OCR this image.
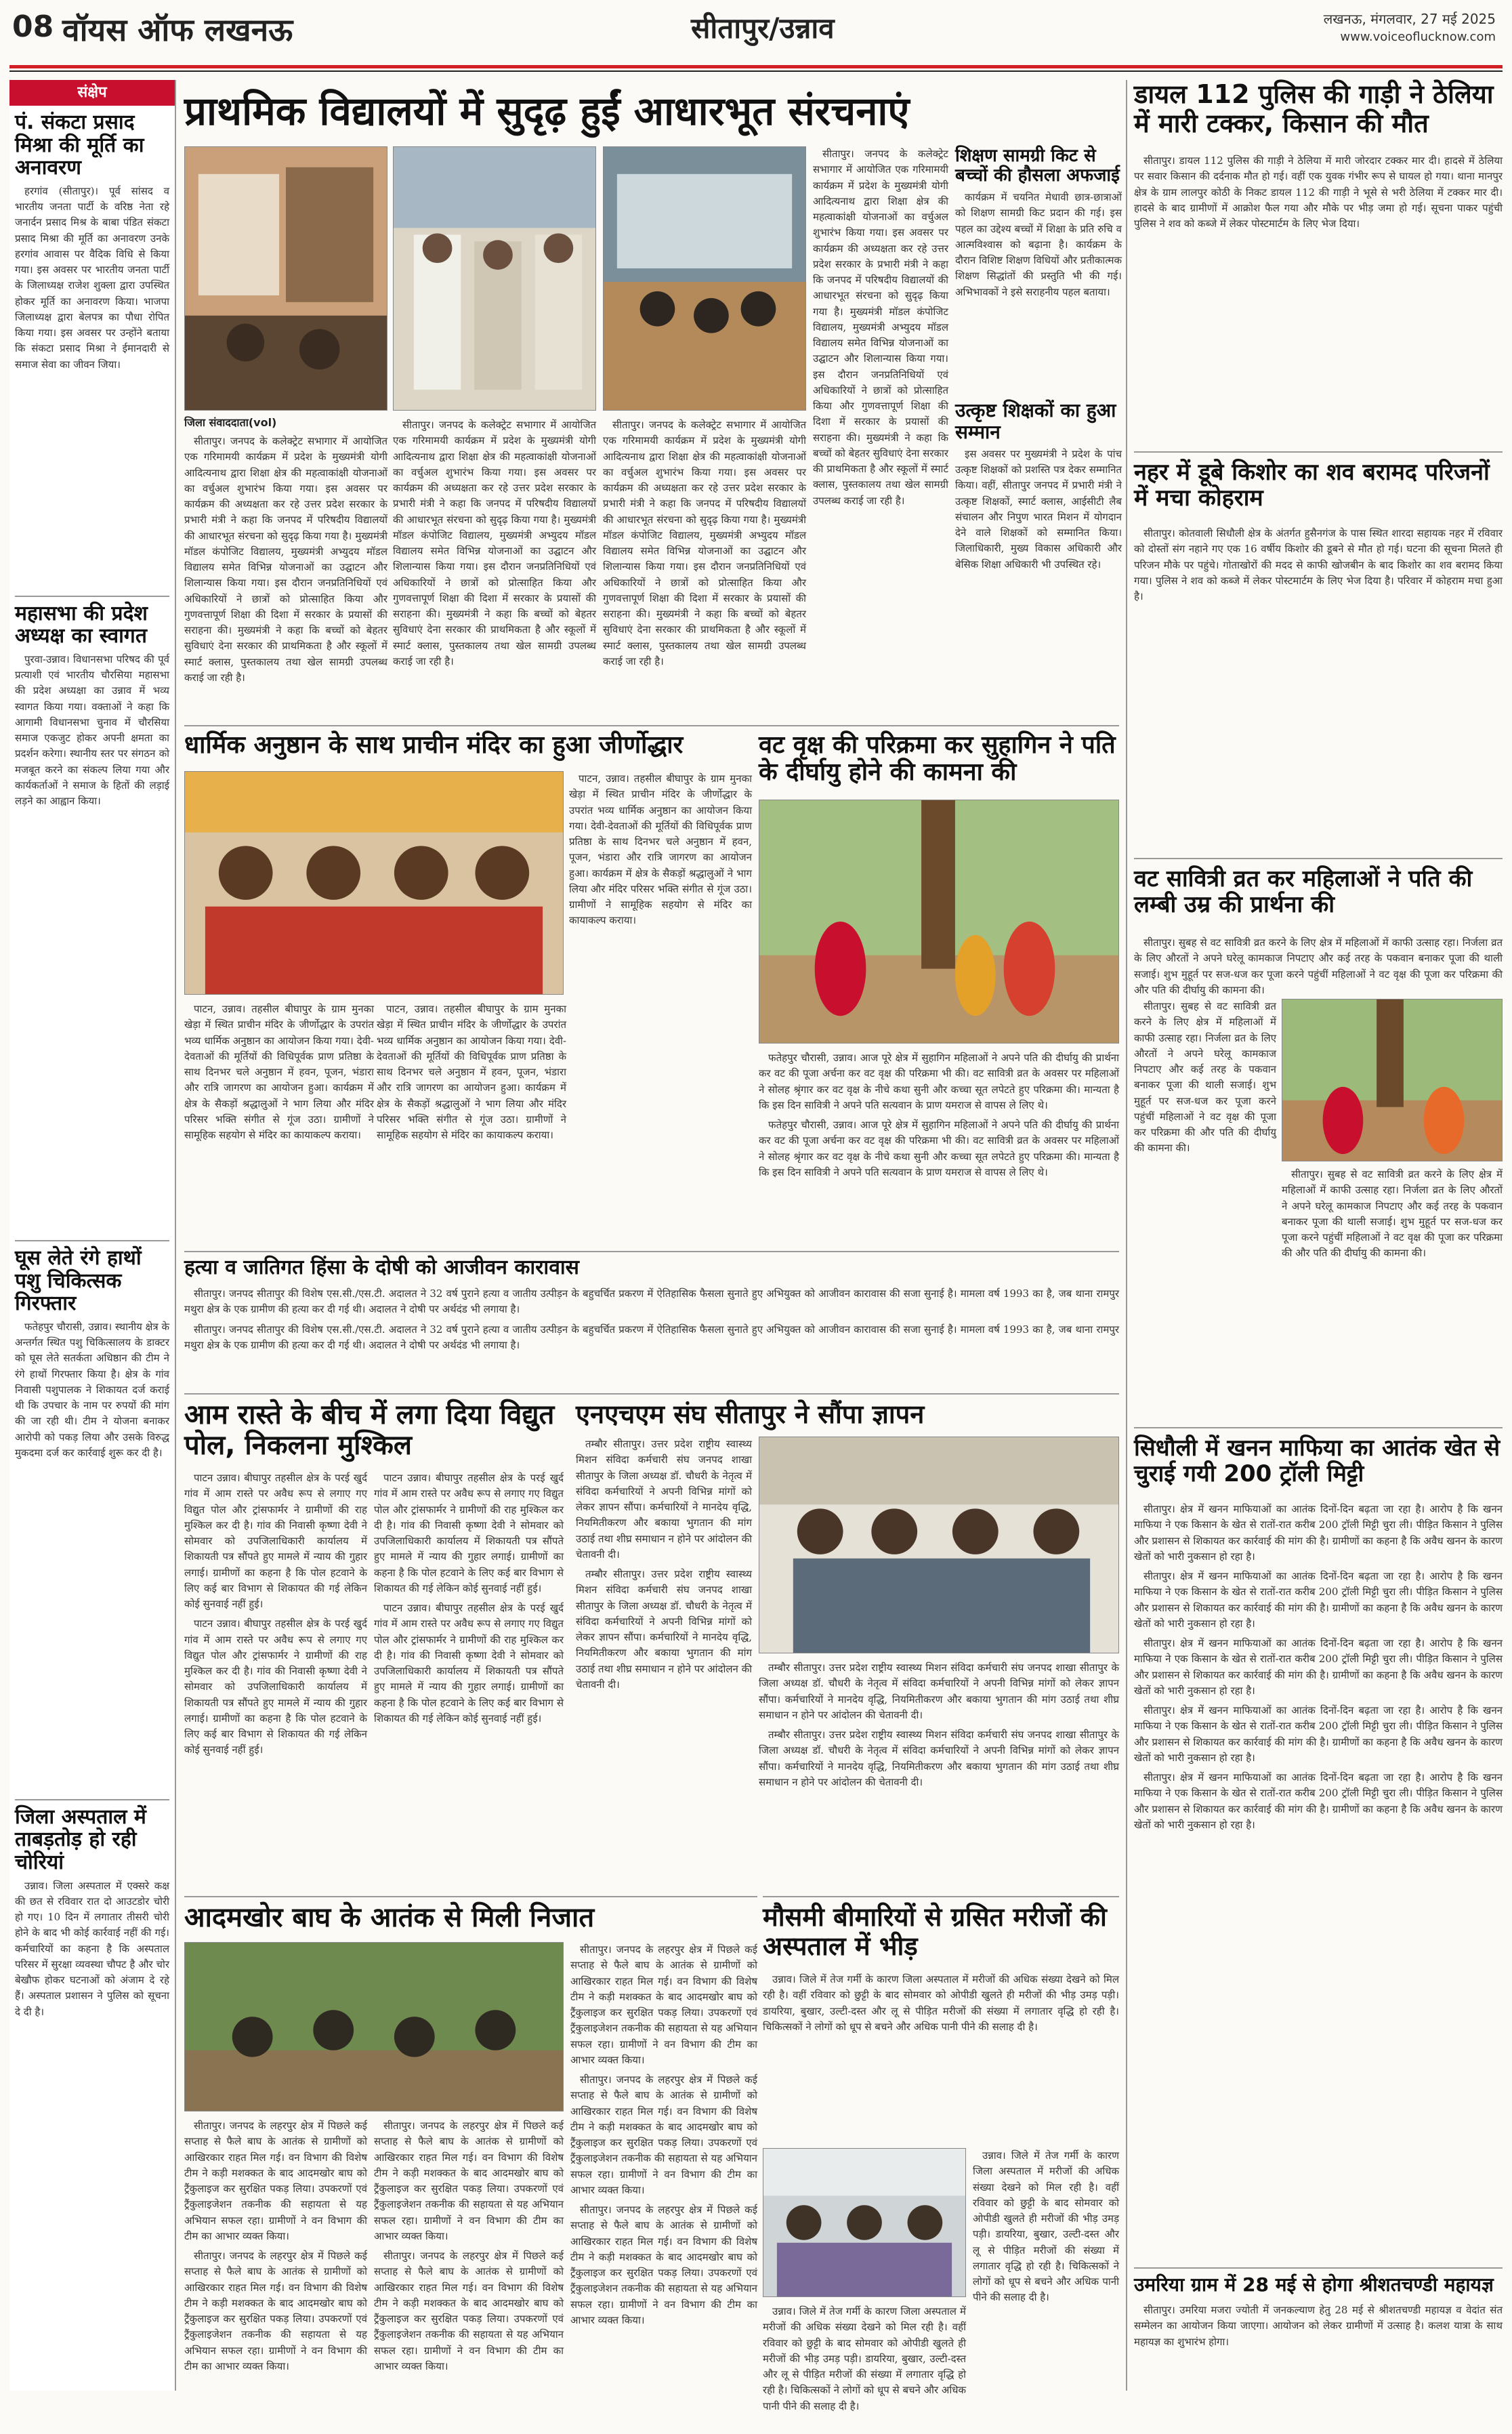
08 वॉयस ऑफ लखनऊ	सीतापुर/उन्नाव	लखनऊ, मंगलवार, 27 मई 2025
www.voiceoflucknow.com
संक्षेप
पं. संकटा प्रसाद मिश्रा की मूर्ति का अनावरण

हरगांव (सीतापुर)। पूर्व सांसद व भारतीय जनता पार्टी के वरिष्ठ नेता रहे जनार्दन प्रसाद मिश्र के बाबा पंडित संकटा प्रसाद मिश्रा की मूर्ति का अनावरण उनके हरगांव आवास पर वैदिक विधि से किया गया। इस अवसर पर भारतीय जनता पार्टी के जिलाध्यक्ष राजेश शुक्ला द्वारा उपस्थित होकर मूर्ति का अनावरण किया। भाजपा जिलाध्यक्ष द्वारा बेलपत्र का पौधा रोपित किया गया। इस अवसर पर उन्होंने बताया कि संकटा प्रसाद मिश्रा ने ईमानदारी से समाज सेवा का जीवन जिया।

महासभा की प्रदेश अध्यक्ष का स्वागत

पुरवा-उन्नाव। विधानसभा परिषद की पूर्व प्रत्याशी एवं भारतीय चौरसिया महासभा की प्रदेश अध्यक्षा का उन्नाव में भव्य स्वागत किया गया। वक्ताओं ने कहा कि आगामी विधानसभा चुनाव में चौरसिया समाज एकजुट होकर अपनी क्षमता का प्रदर्शन करेगा। स्थानीय स्तर पर संगठन को मजबूत करने का संकल्प लिया गया और कार्यकर्ताओं ने समाज के हितों की लड़ाई लड़ने का आह्वान किया।

घूस लेते रंगे हाथों पशु चिकित्सक गिरफ्तार

फतेहपुर चौरासी, उन्नाव। स्थानीय क्षेत्र के अन्तर्गत स्थित पशु चिकित्सालय के डाक्टर को घूस लेते सतर्कता अधिष्ठान की टीम ने रंगे हाथों गिरफ्तार किया है। क्षेत्र के गांव निवासी पशुपालक ने शिकायत दर्ज कराई थी कि उपचार के नाम पर रुपयों की मांग की जा रही थी। टीम ने योजना बनाकर आरोपी को पकड़ लिया और उसके विरुद्ध मुकदमा दर्ज कर कार्रवाई शुरू कर दी है।

जिला अस्पताल में ताबड़तोड़ हो रही चोरियां

उन्नाव। जिला अस्पताल में एक्सरे कक्ष की छत से रविवार रात दो आउटडोर चोरी हो गए। 10 दिन में लगातार तीसरी चोरी होने के बाद भी कोई कार्रवाई नहीं की गई। कर्मचारियों का कहना है कि अस्पताल परिसर में सुरक्षा व्यवस्था चौपट है और चोर बेखौफ होकर घटनाओं को अंजाम दे रहे हैं। अस्पताल प्रशासन ने पुलिस को सूचना दे दी है।

प्राथमिक विद्यालयों में सुदृढ़ हुईं आधारभूत संरचनाएं
जिला संवाददाता(vol)

सीतापुर। जनपद के कलेक्ट्रेट सभागार में आयोजित एक गरिमामयी कार्यक्रम में प्रदेश के मुख्यमंत्री योगी आदित्यनाथ द्वारा शिक्षा क्षेत्र की महत्वाकांक्षी योजनाओं का वर्चुअल शुभारंभ किया गया। इस अवसर पर कार्यक्रम की अध्यक्षता कर रहे उत्तर प्रदेश सरकार के प्रभारी मंत्री ने कहा कि जनपद में परिषदीय विद्यालयों की आधारभूत संरचना को सुदृढ़ किया गया है। मुख्यमंत्री मॉडल कंपोजिट विद्यालय, मुख्यमंत्री अभ्युदय मॉडल विद्यालय समेत विभिन्न योजनाओं का उद्घाटन और शिलान्यास किया गया। इस दौरान जनप्रतिनिधियों एवं अधिकारियों ने छात्रों को प्रोत्साहित किया और गुणवत्तापूर्ण शिक्षा की दिशा में सरकार के प्रयासों की सराहना की। मुख्यमंत्री ने कहा कि बच्चों को बेहतर सुविधाएं देना सरकार की प्राथमिकता है और स्कूलों में स्मार्ट क्लास, पुस्तकालय तथा खेल सामग्री उपलब्ध कराई जा रही है।

सीतापुर। जनपद के कलेक्ट्रेट सभागार में आयोजित एक गरिमामयी कार्यक्रम में प्रदेश के मुख्यमंत्री योगी आदित्यनाथ द्वारा शिक्षा क्षेत्र की महत्वाकांक्षी योजनाओं का वर्चुअल शुभारंभ किया गया। इस अवसर पर कार्यक्रम की अध्यक्षता कर रहे उत्तर प्रदेश सरकार के प्रभारी मंत्री ने कहा कि जनपद में परिषदीय विद्यालयों की आधारभूत संरचना को सुदृढ़ किया गया है। मुख्यमंत्री मॉडल कंपोजिट विद्यालय, मुख्यमंत्री अभ्युदय मॉडल विद्यालय समेत विभिन्न योजनाओं का उद्घाटन और शिलान्यास किया गया। इस दौरान जनप्रतिनिधियों एवं अधिकारियों ने छात्रों को प्रोत्साहित किया और गुणवत्तापूर्ण शिक्षा की दिशा में सरकार के प्रयासों की सराहना की। मुख्यमंत्री ने कहा कि बच्चों को बेहतर सुविधाएं देना सरकार की प्राथमिकता है और स्कूलों में स्मार्ट क्लास, पुस्तकालय तथा खेल सामग्री उपलब्ध कराई जा रही है।

सीतापुर। जनपद के कलेक्ट्रेट सभागार में आयोजित एक गरिमामयी कार्यक्रम में प्रदेश के मुख्यमंत्री योगी आदित्यनाथ द्वारा शिक्षा क्षेत्र की महत्वाकांक्षी योजनाओं का वर्चुअल शुभारंभ किया गया। इस अवसर पर कार्यक्रम की अध्यक्षता कर रहे उत्तर प्रदेश सरकार के प्रभारी मंत्री ने कहा कि जनपद में परिषदीय विद्यालयों की आधारभूत संरचना को सुदृढ़ किया गया है। मुख्यमंत्री मॉडल कंपोजिट विद्यालय, मुख्यमंत्री अभ्युदय मॉडल विद्यालय समेत विभिन्न योजनाओं का उद्घाटन और शिलान्यास किया गया। इस दौरान जनप्रतिनिधियों एवं अधिकारियों ने छात्रों को प्रोत्साहित किया और गुणवत्तापूर्ण शिक्षा की दिशा में सरकार के प्रयासों की सराहना की। मुख्यमंत्री ने कहा कि बच्चों को बेहतर सुविधाएं देना सरकार की प्राथमिकता है और स्कूलों में स्मार्ट क्लास, पुस्तकालय तथा खेल सामग्री उपलब्ध कराई जा रही है।

सीतापुर। जनपद के कलेक्ट्रेट सभागार में आयोजित एक गरिमामयी कार्यक्रम में प्रदेश के मुख्यमंत्री योगी आदित्यनाथ द्वारा शिक्षा क्षेत्र की महत्वाकांक्षी योजनाओं का वर्चुअल शुभारंभ किया गया। इस अवसर पर कार्यक्रम की अध्यक्षता कर रहे उत्तर प्रदेश सरकार के प्रभारी मंत्री ने कहा कि जनपद में परिषदीय विद्यालयों की आधारभूत संरचना को सुदृढ़ किया गया है। मुख्यमंत्री मॉडल कंपोजिट विद्यालय, मुख्यमंत्री अभ्युदय मॉडल विद्यालय समेत विभिन्न योजनाओं का उद्घाटन और शिलान्यास किया गया। इस दौरान जनप्रतिनिधियों एवं अधिकारियों ने छात्रों को प्रोत्साहित किया और गुणवत्तापूर्ण शिक्षा की दिशा में सरकार के प्रयासों की सराहना की। मुख्यमंत्री ने कहा कि बच्चों को बेहतर सुविधाएं देना सरकार की प्राथमिकता है और स्कूलों में स्मार्ट क्लास, पुस्तकालय तथा खेल सामग्री उपलब्ध कराई जा रही है।

शिक्षण सामग्री किट से बच्चों की हौसला अफजाई

कार्यक्रम में चयनित मेधावी छात्र-छात्राओं को शिक्षण सामग्री किट प्रदान की गई। इस पहल का उद्देश्य बच्चों में शिक्षा के प्रति रुचि व आत्मविश्वास को बढ़ाना है। कार्यक्रम के दौरान विशिष्ट शिक्षण विधियों और प्रतीकात्मक शिक्षण सिद्धांतों की प्रस्तुति भी की गई। अभिभावकों ने इसे सराहनीय पहल बताया।

उत्कृष्ट शिक्षकों का हुआ सम्मान

इस अवसर पर मुख्यमंत्री ने प्रदेश के पांच उत्कृष्ट शिक्षकों को प्रशस्ति पत्र देकर सम्मानित किया। वहीं, सीतापुर जनपद में प्रभारी मंत्री ने उत्कृष्ट शिक्षकों, स्मार्ट क्लास, आईसीटी लैब संचालन और निपुण भारत मिशन में योगदान देने वाले शिक्षकों को सम्मानित किया। जिलाधिकारी, मुख्य विकास अधिकारी और बेसिक शिक्षा अधिकारी भी उपस्थित रहे।

डायल 112 पुलिस की गाड़ी ने ठेलिया में मारी टक्कर, किसान की मौत

सीतापुर। डायल 112 पुलिस की गाड़ी ने ठेलिया में मारी जोरदार टक्कर मार दी। हादसे में ठेलिया पर सवार किसान की दर्दनाक मौत हो गई। वहीं एक युवक गंभीर रूप से घायल हो गया। थाना मानपुर क्षेत्र के ग्राम लालपुर कोठी के निकट डायल 112 की गाड़ी ने भूसे से भरी ठेलिया में टक्कर मार दी। हादसे के बाद ग्रामीणों में आक्रोश फैल गया और मौके पर भीड़ जमा हो गई। सूचना पाकर पहुंची पुलिस ने शव को कब्जे में लेकर पोस्टमार्टम के लिए भेज दिया।

नहर में डूबे किशोर का शव बरामद परिजनों में मचा कोहराम

सीतापुर। कोतवाली सिधौली क्षेत्र के अंतर्गत हुसैनगंज के पास स्थित शारदा सहायक नहर में रविवार को दोस्तों संग नहाने गए एक 16 वर्षीय किशोर की डूबने से मौत हो गई। घटना की सूचना मिलते ही परिजन मौके पर पहुंचे। गोताखोरों की मदद से काफी खोजबीन के बाद किशोर का शव बरामद किया गया। पुलिस ने शव को कब्जे में लेकर पोस्टमार्टम के लिए भेज दिया है। परिवार में कोहराम मचा हुआ है।

वट सावित्री व्रत कर महिलाओं ने पति की लम्बी उम्र की प्रार्थना की

सीतापुर। सुबह से वट सावित्री व्रत करने के लिए क्षेत्र में महिलाओं में काफी उत्साह रहा। निर्जला व्रत के लिए औरतों ने अपने घरेलू कामकाज निपटाए और कई तरह के पकवान बनाकर पूजा की थाली सजाई। शुभ मुहूर्त पर सज-धज कर पूजा करने पहुंचीं महिलाओं ने वट वृक्ष की पूजा कर परिक्रमा की और पति की दीर्घायु की कामना की।

सीतापुर। सुबह से वट सावित्री व्रत करने के लिए क्षेत्र में महिलाओं में काफी उत्साह रहा। निर्जला व्रत के लिए औरतों ने अपने घरेलू कामकाज निपटाए और कई तरह के पकवान बनाकर पूजा की थाली सजाई। शुभ मुहूर्त पर सज-धज कर पूजा करने पहुंचीं महिलाओं ने वट वृक्ष की पूजा कर परिक्रमा की और पति की दीर्घायु की कामना की।

सीतापुर। सुबह से वट सावित्री व्रत करने के लिए क्षेत्र में महिलाओं में काफी उत्साह रहा। निर्जला व्रत के लिए औरतों ने अपने घरेलू कामकाज निपटाए और कई तरह के पकवान बनाकर पूजा की थाली सजाई। शुभ मुहूर्त पर सज-धज कर पूजा करने पहुंचीं महिलाओं ने वट वृक्ष की पूजा कर परिक्रमा की और पति की दीर्घायु की कामना की।

सिधौली में खनन माफिया का आतंक खेत से चुराई गयी 200 ट्रॉली मिट्टी

सीतापुर। क्षेत्र में खनन माफियाओं का आतंक दिनों-दिन बढ़ता जा रहा है। आरोप है कि खनन माफिया ने एक किसान के खेत से रातों-रात करीब 200 ट्रॉली मिट्टी चुरा ली। पीड़ित किसान ने पुलिस और प्रशासन से शिकायत कर कार्रवाई की मांग की है। ग्रामीणों का कहना है कि अवैध खनन के कारण खेतों को भारी नुकसान हो रहा है।

सीतापुर। क्षेत्र में खनन माफियाओं का आतंक दिनों-दिन बढ़ता जा रहा है। आरोप है कि खनन माफिया ने एक किसान के खेत से रातों-रात करीब 200 ट्रॉली मिट्टी चुरा ली। पीड़ित किसान ने पुलिस और प्रशासन से शिकायत कर कार्रवाई की मांग की है। ग्रामीणों का कहना है कि अवैध खनन के कारण खेतों को भारी नुकसान हो रहा है।

सीतापुर। क्षेत्र में खनन माफियाओं का आतंक दिनों-दिन बढ़ता जा रहा है। आरोप है कि खनन माफिया ने एक किसान के खेत से रातों-रात करीब 200 ट्रॉली मिट्टी चुरा ली। पीड़ित किसान ने पुलिस और प्रशासन से शिकायत कर कार्रवाई की मांग की है। ग्रामीणों का कहना है कि अवैध खनन के कारण खेतों को भारी नुकसान हो रहा है।

सीतापुर। क्षेत्र में खनन माफियाओं का आतंक दिनों-दिन बढ़ता जा रहा है। आरोप है कि खनन माफिया ने एक किसान के खेत से रातों-रात करीब 200 ट्रॉली मिट्टी चुरा ली। पीड़ित किसान ने पुलिस और प्रशासन से शिकायत कर कार्रवाई की मांग की है। ग्रामीणों का कहना है कि अवैध खनन के कारण खेतों को भारी नुकसान हो रहा है।

सीतापुर। क्षेत्र में खनन माफियाओं का आतंक दिनों-दिन बढ़ता जा रहा है। आरोप है कि खनन माफिया ने एक किसान के खेत से रातों-रात करीब 200 ट्रॉली मिट्टी चुरा ली। पीड़ित किसान ने पुलिस और प्रशासन से शिकायत कर कार्रवाई की मांग की है। ग्रामीणों का कहना है कि अवैध खनन के कारण खेतों को भारी नुकसान हो रहा है।

उमरिया ग्राम में 28 मई से होगा श्रीशतचण्डी महायज्ञ

सीतापुर। उमरिया मजरा ज्योती में जनकल्याण हेतु 28 मई से श्रीशतचण्डी महायज्ञ व वेदांत संत सम्मेलन का आयोजन किया जाएगा। आयोजन को लेकर ग्रामीणों में उत्साह है। कलश यात्रा के साथ महायज्ञ का शुभारंभ होगा।

धार्मिक अनुष्ठान के साथ प्राचीन मंदिर का हुआ जीर्णोद्धार

पाटन, उन्नाव। तहसील बीघापुर के ग्राम मुनका खेड़ा में स्थित प्राचीन मंदिर के जीर्णोद्धार के उपरांत भव्य धार्मिक अनुष्ठान का आयोजन किया गया। देवी-देवताओं की मूर्तियों की विधिपूर्वक प्राण प्रतिष्ठा के साथ दिनभर चले अनुष्ठान में हवन, पूजन, भंडारा और रात्रि जागरण का आयोजन हुआ। कार्यक्रम में क्षेत्र के सैकड़ों श्रद्धालुओं ने भाग लिया और मंदिर परिसर भक्ति संगीत से गूंज उठा। ग्रामीणों ने सामूहिक सहयोग से मंदिर का कायाकल्प कराया।

पाटन, उन्नाव। तहसील बीघापुर के ग्राम मुनका खेड़ा में स्थित प्राचीन मंदिर के जीर्णोद्धार के उपरांत भव्य धार्मिक अनुष्ठान का आयोजन किया गया। देवी-देवताओं की मूर्तियों की विधिपूर्वक प्राण प्रतिष्ठा के साथ दिनभर चले अनुष्ठान में हवन, पूजन, भंडारा और रात्रि जागरण का आयोजन हुआ। कार्यक्रम में क्षेत्र के सैकड़ों श्रद्धालुओं ने भाग लिया और मंदिर परिसर भक्ति संगीत से गूंज उठा। ग्रामीणों ने सामूहिक सहयोग से मंदिर का कायाकल्प कराया।

पाटन, उन्नाव। तहसील बीघापुर के ग्राम मुनका खेड़ा में स्थित प्राचीन मंदिर के जीर्णोद्धार के उपरांत भव्य धार्मिक अनुष्ठान का आयोजन किया गया। देवी-देवताओं की मूर्तियों की विधिपूर्वक प्राण प्रतिष्ठा के साथ दिनभर चले अनुष्ठान में हवन, पूजन, भंडारा और रात्रि जागरण का आयोजन हुआ। कार्यक्रम में क्षेत्र के सैकड़ों श्रद्धालुओं ने भाग लिया और मंदिर परिसर भक्ति संगीत से गूंज उठा। ग्रामीणों ने सामूहिक सहयोग से मंदिर का कायाकल्प कराया।

वट वृक्ष की परिक्रमा कर सुहागिन ने पति के दीर्घायु होने की कामना की

फतेहपुर चौरासी, उन्नाव। आज पूरे क्षेत्र में सुहागिन महिलाओं ने अपने पति की दीर्घायु की प्रार्थना कर वट की पूजा अर्चना कर वट वृक्ष की परिक्रमा भी की। वट सावित्री व्रत के अवसर पर महिलाओं ने सोलह श्रृंगार कर वट वृक्ष के नीचे कथा सुनी और कच्चा सूत लपेटते हुए परिक्रमा की। मान्यता है कि इस दिन सावित्री ने अपने पति सत्यवान के प्राण यमराज से वापस ले लिए थे।

फतेहपुर चौरासी, उन्नाव। आज पूरे क्षेत्र में सुहागिन महिलाओं ने अपने पति की दीर्घायु की प्रार्थना कर वट की पूजा अर्चना कर वट वृक्ष की परिक्रमा भी की। वट सावित्री व्रत के अवसर पर महिलाओं ने सोलह श्रृंगार कर वट वृक्ष के नीचे कथा सुनी और कच्चा सूत लपेटते हुए परिक्रमा की। मान्यता है कि इस दिन सावित्री ने अपने पति सत्यवान के प्राण यमराज से वापस ले लिए थे।

हत्या व जातिगत हिंसा के दोषी को आजीवन कारावास

सीतापुर। जनपद सीतापुर की विशेष एस.सी./एस.टी. अदालत ने 32 वर्ष पुराने हत्या व जातीय उत्पीड़न के बहुचर्चित प्रकरण में ऐतिहासिक फैसला सुनाते हुए अभियुक्त को आजीवन कारावास की सजा सुनाई है। मामला वर्ष 1993 का है, जब थाना रामपुर मथुरा क्षेत्र के एक ग्रामीण की हत्या कर दी गई थी। अदालत ने दोषी पर अर्थदंड भी लगाया है।

सीतापुर। जनपद सीतापुर की विशेष एस.सी./एस.टी. अदालत ने 32 वर्ष पुराने हत्या व जातीय उत्पीड़न के बहुचर्चित प्रकरण में ऐतिहासिक फैसला सुनाते हुए अभियुक्त को आजीवन कारावास की सजा सुनाई है। मामला वर्ष 1993 का है, जब थाना रामपुर मथुरा क्षेत्र के एक ग्रामीण की हत्या कर दी गई थी। अदालत ने दोषी पर अर्थदंड भी लगाया है।

आम रास्ते के बीच में लगा दिया विद्युत पोल, निकलना मुश्किल

पाटन उन्नाव। बीघापुर तहसील क्षेत्र के परई खुर्द गांव में आम रास्ते पर अवैध रूप से लगाए गए विद्युत पोल और ट्रांसफार्मर ने ग्रामीणों की राह मुश्किल कर दी है। गांव की निवासी कृष्णा देवी ने सोमवार को उपजिलाधिकारी कार्यालय में शिकायती पत्र सौंपते हुए मामले में न्याय की गुहार लगाई। ग्रामीणों का कहना है कि पोल हटवाने के लिए कई बार विभाग से शिकायत की गई लेकिन कोई सुनवाई नहीं हुई।

पाटन उन्नाव। बीघापुर तहसील क्षेत्र के परई खुर्द गांव में आम रास्ते पर अवैध रूप से लगाए गए विद्युत पोल और ट्रांसफार्मर ने ग्रामीणों की राह मुश्किल कर दी है। गांव की निवासी कृष्णा देवी ने सोमवार को उपजिलाधिकारी कार्यालय में शिकायती पत्र सौंपते हुए मामले में न्याय की गुहार लगाई। ग्रामीणों का कहना है कि पोल हटवाने के लिए कई बार विभाग से शिकायत की गई लेकिन कोई सुनवाई नहीं हुई।

पाटन उन्नाव। बीघापुर तहसील क्षेत्र के परई खुर्द गांव में आम रास्ते पर अवैध रूप से लगाए गए विद्युत पोल और ट्रांसफार्मर ने ग्रामीणों की राह मुश्किल कर दी है। गांव की निवासी कृष्णा देवी ने सोमवार को उपजिलाधिकारी कार्यालय में शिकायती पत्र सौंपते हुए मामले में न्याय की गुहार लगाई। ग्रामीणों का कहना है कि पोल हटवाने के लिए कई बार विभाग से शिकायत की गई लेकिन कोई सुनवाई नहीं हुई।

पाटन उन्नाव। बीघापुर तहसील क्षेत्र के परई खुर्द गांव में आम रास्ते पर अवैध रूप से लगाए गए विद्युत पोल और ट्रांसफार्मर ने ग्रामीणों की राह मुश्किल कर दी है। गांव की निवासी कृष्णा देवी ने सोमवार को उपजिलाधिकारी कार्यालय में शिकायती पत्र सौंपते हुए मामले में न्याय की गुहार लगाई। ग्रामीणों का कहना है कि पोल हटवाने के लिए कई बार विभाग से शिकायत की गई लेकिन कोई सुनवाई नहीं हुई।

एनएचएम संघ सीतापुर ने सौंपा ज्ञापन

तम्बौर सीतापुर। उत्तर प्रदेश राष्ट्रीय स्वास्थ्य मिशन संविदा कर्मचारी संघ जनपद शाखा सीतापुर के जिला अध्यक्ष डॉ. चौधरी के नेतृत्व में संविदा कर्मचारियों ने अपनी विभिन्न मांगों को लेकर ज्ञापन सौंपा। कर्मचारियों ने मानदेय वृद्धि, नियमितीकरण और बकाया भुगतान की मांग उठाई तथा शीघ्र समाधान न होने पर आंदोलन की चेतावनी दी।

तम्बौर सीतापुर। उत्तर प्रदेश राष्ट्रीय स्वास्थ्य मिशन संविदा कर्मचारी संघ जनपद शाखा सीतापुर के जिला अध्यक्ष डॉ. चौधरी के नेतृत्व में संविदा कर्मचारियों ने अपनी विभिन्न मांगों को लेकर ज्ञापन सौंपा। कर्मचारियों ने मानदेय वृद्धि, नियमितीकरण और बकाया भुगतान की मांग उठाई तथा शीघ्र समाधान न होने पर आंदोलन की चेतावनी दी।

तम्बौर सीतापुर। उत्तर प्रदेश राष्ट्रीय स्वास्थ्य मिशन संविदा कर्मचारी संघ जनपद शाखा सीतापुर के जिला अध्यक्ष डॉ. चौधरी के नेतृत्व में संविदा कर्मचारियों ने अपनी विभिन्न मांगों को लेकर ज्ञापन सौंपा। कर्मचारियों ने मानदेय वृद्धि, नियमितीकरण और बकाया भुगतान की मांग उठाई तथा शीघ्र समाधान न होने पर आंदोलन की चेतावनी दी।

तम्बौर सीतापुर। उत्तर प्रदेश राष्ट्रीय स्वास्थ्य मिशन संविदा कर्मचारी संघ जनपद शाखा सीतापुर के जिला अध्यक्ष डॉ. चौधरी के नेतृत्व में संविदा कर्मचारियों ने अपनी विभिन्न मांगों को लेकर ज्ञापन सौंपा। कर्मचारियों ने मानदेय वृद्धि, नियमितीकरण और बकाया भुगतान की मांग उठाई तथा शीघ्र समाधान न होने पर आंदोलन की चेतावनी दी।

आदमखोर बाघ के आतंक से मिली निजात

सीतापुर। जनपद के लहरपुर क्षेत्र में पिछले कई सप्ताह से फैले बाघ के आतंक से ग्रामीणों को आखिरकार राहत मिल गई। वन विभाग की विशेष टीम ने कड़ी मशक्कत के बाद आदमखोर बाघ को ट्रैंकुलाइज कर सुरक्षित पकड़ लिया। उपकरणों एवं ट्रैंकुलाइजेशन तकनीक की सहायता से यह अभियान सफल रहा। ग्रामीणों ने वन विभाग की टीम का आभार व्यक्त किया।

सीतापुर। जनपद के लहरपुर क्षेत्र में पिछले कई सप्ताह से फैले बाघ के आतंक से ग्रामीणों को आखिरकार राहत मिल गई। वन विभाग की विशेष टीम ने कड़ी मशक्कत के बाद आदमखोर बाघ को ट्रैंकुलाइज कर सुरक्षित पकड़ लिया। उपकरणों एवं ट्रैंकुलाइजेशन तकनीक की सहायता से यह अभियान सफल रहा। ग्रामीणों ने वन विभाग की टीम का आभार व्यक्त किया।

सीतापुर। जनपद के लहरपुर क्षेत्र में पिछले कई सप्ताह से फैले बाघ के आतंक से ग्रामीणों को आखिरकार राहत मिल गई। वन विभाग की विशेष टीम ने कड़ी मशक्कत के बाद आदमखोर बाघ को ट्रैंकुलाइज कर सुरक्षित पकड़ लिया। उपकरणों एवं ट्रैंकुलाइजेशन तकनीक की सहायता से यह अभियान सफल रहा। ग्रामीणों ने वन विभाग की टीम का आभार व्यक्त किया।

सीतापुर। जनपद के लहरपुर क्षेत्र में पिछले कई सप्ताह से फैले बाघ के आतंक से ग्रामीणों को आखिरकार राहत मिल गई। वन विभाग की विशेष टीम ने कड़ी मशक्कत के बाद आदमखोर बाघ को ट्रैंकुलाइज कर सुरक्षित पकड़ लिया। उपकरणों एवं ट्रैंकुलाइजेशन तकनीक की सहायता से यह अभियान सफल रहा। ग्रामीणों ने वन विभाग की टीम का आभार व्यक्त किया।

सीतापुर। जनपद के लहरपुर क्षेत्र में पिछले कई सप्ताह से फैले बाघ के आतंक से ग्रामीणों को आखिरकार राहत मिल गई। वन विभाग की विशेष टीम ने कड़ी मशक्कत के बाद आदमखोर बाघ को ट्रैंकुलाइज कर सुरक्षित पकड़ लिया। उपकरणों एवं ट्रैंकुलाइजेशन तकनीक की सहायता से यह अभियान सफल रहा। ग्रामीणों ने वन विभाग की टीम का आभार व्यक्त किया।

सीतापुर। जनपद के लहरपुर क्षेत्र में पिछले कई सप्ताह से फैले बाघ के आतंक से ग्रामीणों को आखिरकार राहत मिल गई। वन विभाग की विशेष टीम ने कड़ी मशक्कत के बाद आदमखोर बाघ को ट्रैंकुलाइज कर सुरक्षित पकड़ लिया। उपकरणों एवं ट्रैंकुलाइजेशन तकनीक की सहायता से यह अभियान सफल रहा। ग्रामीणों ने वन विभाग की टीम का आभार व्यक्त किया।

सीतापुर। जनपद के लहरपुर क्षेत्र में पिछले कई सप्ताह से फैले बाघ के आतंक से ग्रामीणों को आखिरकार राहत मिल गई। वन विभाग की विशेष टीम ने कड़ी मशक्कत के बाद आदमखोर बाघ को ट्रैंकुलाइज कर सुरक्षित पकड़ लिया। उपकरणों एवं ट्रैंकुलाइजेशन तकनीक की सहायता से यह अभियान सफल रहा। ग्रामीणों ने वन विभाग की टीम का आभार व्यक्त किया।

मौसमी बीमारियों से ग्रसित मरीजों की अस्पताल में भीड़

उन्नाव। जिले में तेज गर्मी के कारण जिला अस्पताल में मरीजों की अधिक संख्या देखने को मिल रही है। वहीं रविवार को छुट्टी के बाद सोमवार को ओपीडी खुलते ही मरीजों की भीड़ उमड़ पड़ी। डायरिया, बुखार, उल्टी-दस्त और लू से पीड़ित मरीजों की संख्या में लगातार वृद्धि हो रही है। चिकित्सकों ने लोगों को धूप से बचने और अधिक पानी पीने की सलाह दी है।

उन्नाव। जिले में तेज गर्मी के कारण जिला अस्पताल में मरीजों की अधिक संख्या देखने को मिल रही है। वहीं रविवार को छुट्टी के बाद सोमवार को ओपीडी खुलते ही मरीजों की भीड़ उमड़ पड़ी। डायरिया, बुखार, उल्टी-दस्त और लू से पीड़ित मरीजों की संख्या में लगातार वृद्धि हो रही है। चिकित्सकों ने लोगों को धूप से बचने और अधिक पानी पीने की सलाह दी है।

उन्नाव। जिले में तेज गर्मी के कारण जिला अस्पताल में मरीजों की अधिक संख्या देखने को मिल रही है। वहीं रविवार को छुट्टी के बाद सोमवार को ओपीडी खुलते ही मरीजों की भीड़ उमड़ पड़ी। डायरिया, बुखार, उल्टी-दस्त और लू से पीड़ित मरीजों की संख्या में लगातार वृद्धि हो रही है। चिकित्सकों ने लोगों को धूप से बचने और अधिक पानी पीने की सलाह दी है।
